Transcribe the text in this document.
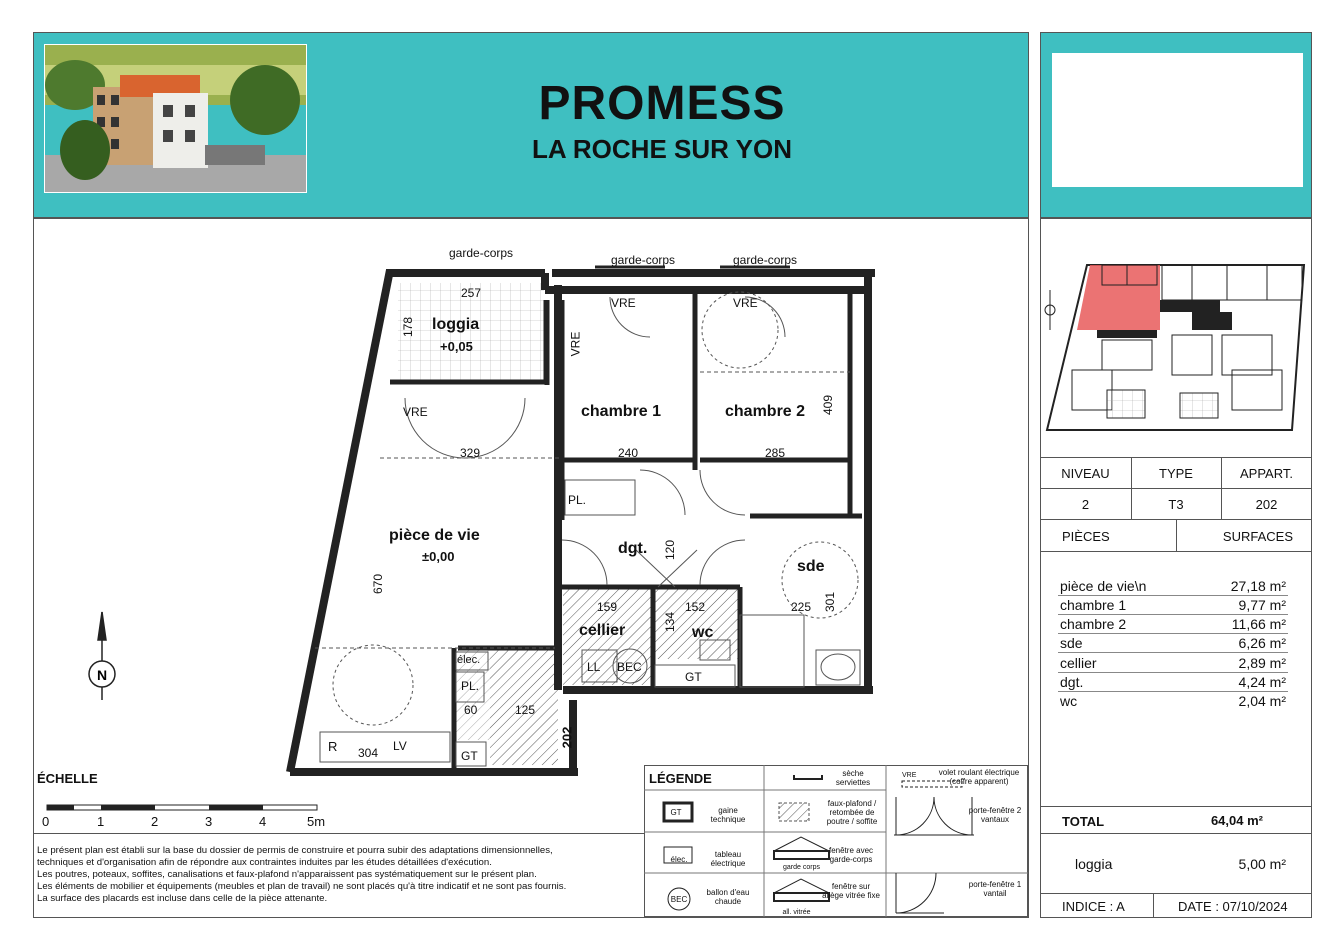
PROMESS
LA ROCHE SUR YON
N
garde-corps	garde-corps	garde-corps
257
178 loggia
+0,05
VRE	VRE
VRE
VRE	chambre 1	chambre 2 409
329	240	285
PL.
pièce de vie
±0,00	dgt. 120
sde
670
159	152	225 301
134
cellier	wc
élec.	LL BEC
GT
PL.
60	125
202
R 304 LV
GT
ÉCHELLE
0	1	2	3	4	5m
Le présent plan est établi sur la base du dossier de permis de construire et pourra subir des adaptations dimensionnelles,
techniques et d'organisation afin de répondre aux contraintes induites par les études détaillées d'exécution.
Les poutres, poteaux, soffites, canalisations et faux-plafond n'apparaissent pas systématiquement sur le présent plan.
Les éléments de mobilier et équipements (meubles et plan de travail) ne sont placés qu'à titre indicatif et ne sont pas fournis.
La surface des placards est incluse dans celle de la pièce attenante.
LÉGENDE	sèche serviettes
VRE	volet roulant électrique (coffre apparent)
GT	gaine technique
faux-plafond / retombée de poutre / soffite
porte-fenêtre 2 vantaux
élec.
tableau électrique
fenêtre avec garde-corps
garde corps
BEC
ballon d'eau chaude
fenêtre sur allège vitrée fixe
all. vitrée
porte-fenêtre 1 vantail
NIVEAU	TYPE	APPART.
2	T3	202
PIÈCES	SURFACES
pièce de vie\n	27,18 m²
chambre 1	9,77 m²
chambre 2	11,66 m²
sde	6,26 m²
cellier	2,89 m²
dgt.	4,24 m²
wc	2,04 m²
TOTAL	64,04 m²
loggia	5,00 m²
INDICE : A	DATE : 07/10/2024
